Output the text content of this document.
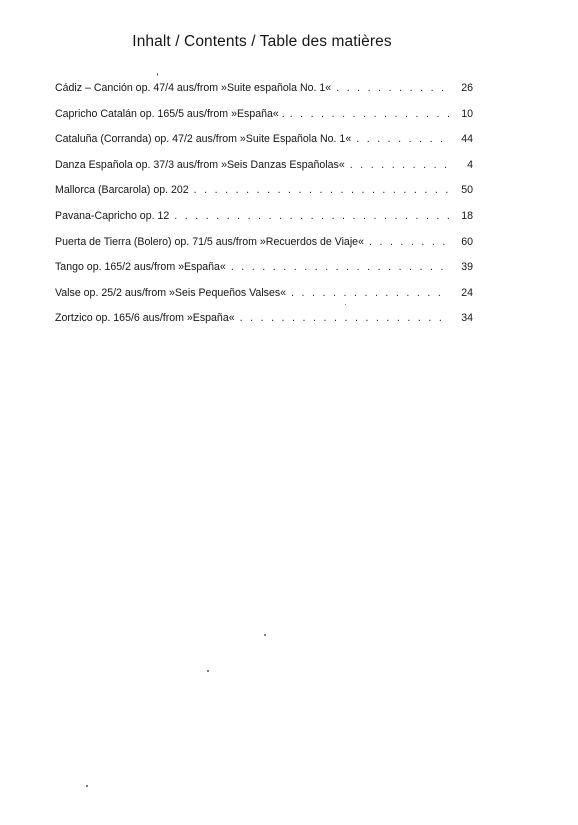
Inhalt / Contents / Table des matières
Cádiz – Canción op. 47/4 aus/from »Suite española No. 1« . . .	26
Capricho Catalán op. 165/5 aus/from »España« . . . .	10
Cataluña (Corranda) op. 47/2 aus/from »Suite Española No. 1« . . .	44
Danza Española op. 37/3 aus/from »Seis Danzas Españolas« . . .	4
Mallorca (Barcarola) op. 202 . . .	50
Pavana-Capricho op. 12 . . .	18
Puerta de Tierra (Bolero) op. 71/5 aus/from »Recuerdos de Viaje« . . .	60
Tango op. 165/2 aus/from »España« . . .	39
Valse op. 25/2 aus/from »Seis Pequeños Valses« . . .	24
Zortzico op. 165/6 aus/from »España« . . .	34
